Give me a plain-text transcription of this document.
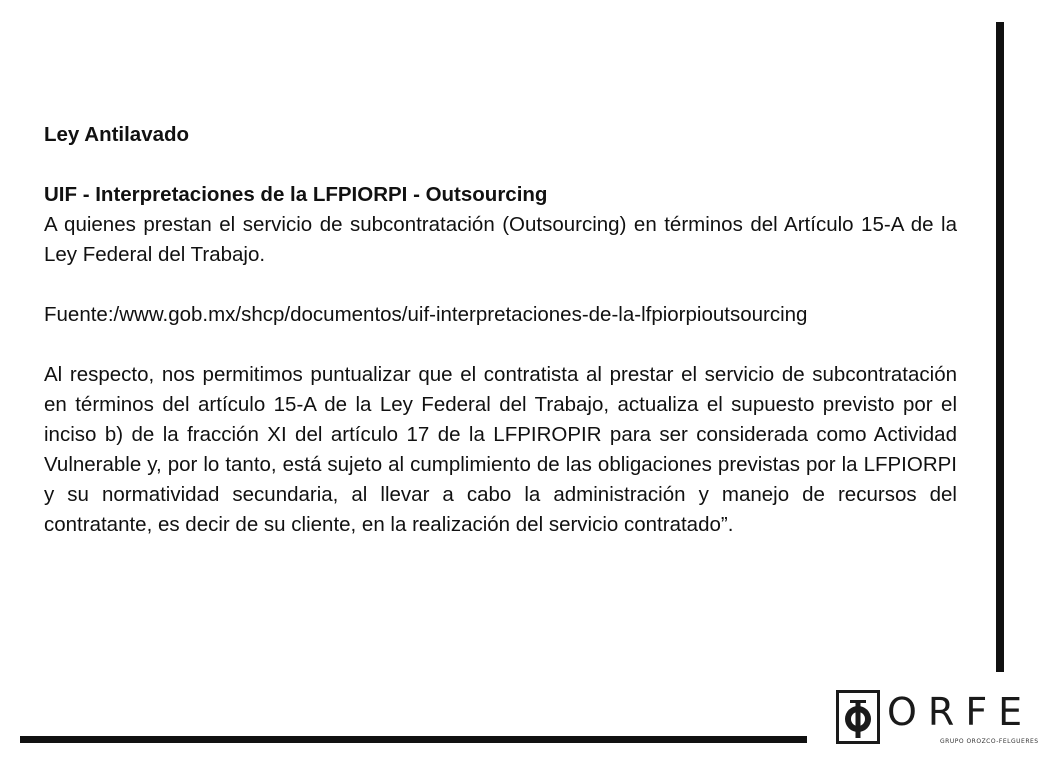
Ley Antilavado

UIF - Interpretaciones de la LFPIORPI - Outsourcing

A quienes prestan el servicio de subcontratación (Outsourcing) en términos del Artículo 15-A de la Ley Federal del Trabajo.

Fuente:/www.gob.mx/shcp/documentos/uif-interpretaciones-de-la-lfpiorpioutsourcing

Al respecto, nos permitimos puntualizar que el contratista al prestar el servicio de subcontratación en términos del artículo 15-A de la Ley Federal del Trabajo, actualiza el supuesto previsto por el inciso b) de la fracción XI del artículo 17 de la LFPIROPIR para ser considerada como Actividad Vulnerable y, por lo tanto, está sujeto al cumplimiento de las obligaciones previstas por la LFPIORPI y su normatividad secundaria, al llevar a cabo la administración y manejo de recursos del contratante, es decir de su cliente, en la realización del servicio contratado”.

ORFE
GRUPO OROZCO-FELGUERES
